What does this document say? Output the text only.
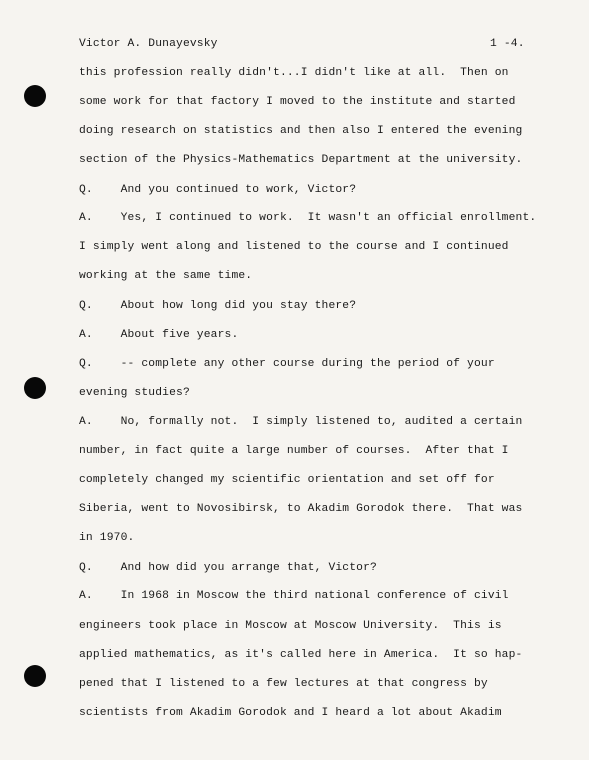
Victor A. Dunayevsky	1 -4.
this profession really didn't...I didn't like at all.  Then on
some work for that factory I moved to the institute and started
doing research on statistics and then also I entered the evening
section of the Physics-Mathematics Department at the university.
Q.    And you continued to work, Victor?
A.    Yes, I continued to work.  It wasn't an official enrollment.
I simply went along and listened to the course and I continued
working at the same time.
Q.    About how long did you stay there?
A.    About five years.
Q.    -- complete any other course during the period of your
evening studies?
A.    No, formally not.  I simply listened to, audited a certain
number, in fact quite a large number of courses.  After that I
completely changed my scientific orientation and set off for
Siberia, went to Novosibirsk, to Akadim Gorodok there.  That was
in 1970.
Q.    And how did you arrange that, Victor?
A.    In 1968 in Moscow the third national conference of civil
engineers took place in Moscow at Moscow University.  This is
applied mathematics, as it's called here in America.  It so hap-
pened that I listened to a few lectures at that congress by
scientists from Akadim Gorodok and I heard a lot about Akadim
